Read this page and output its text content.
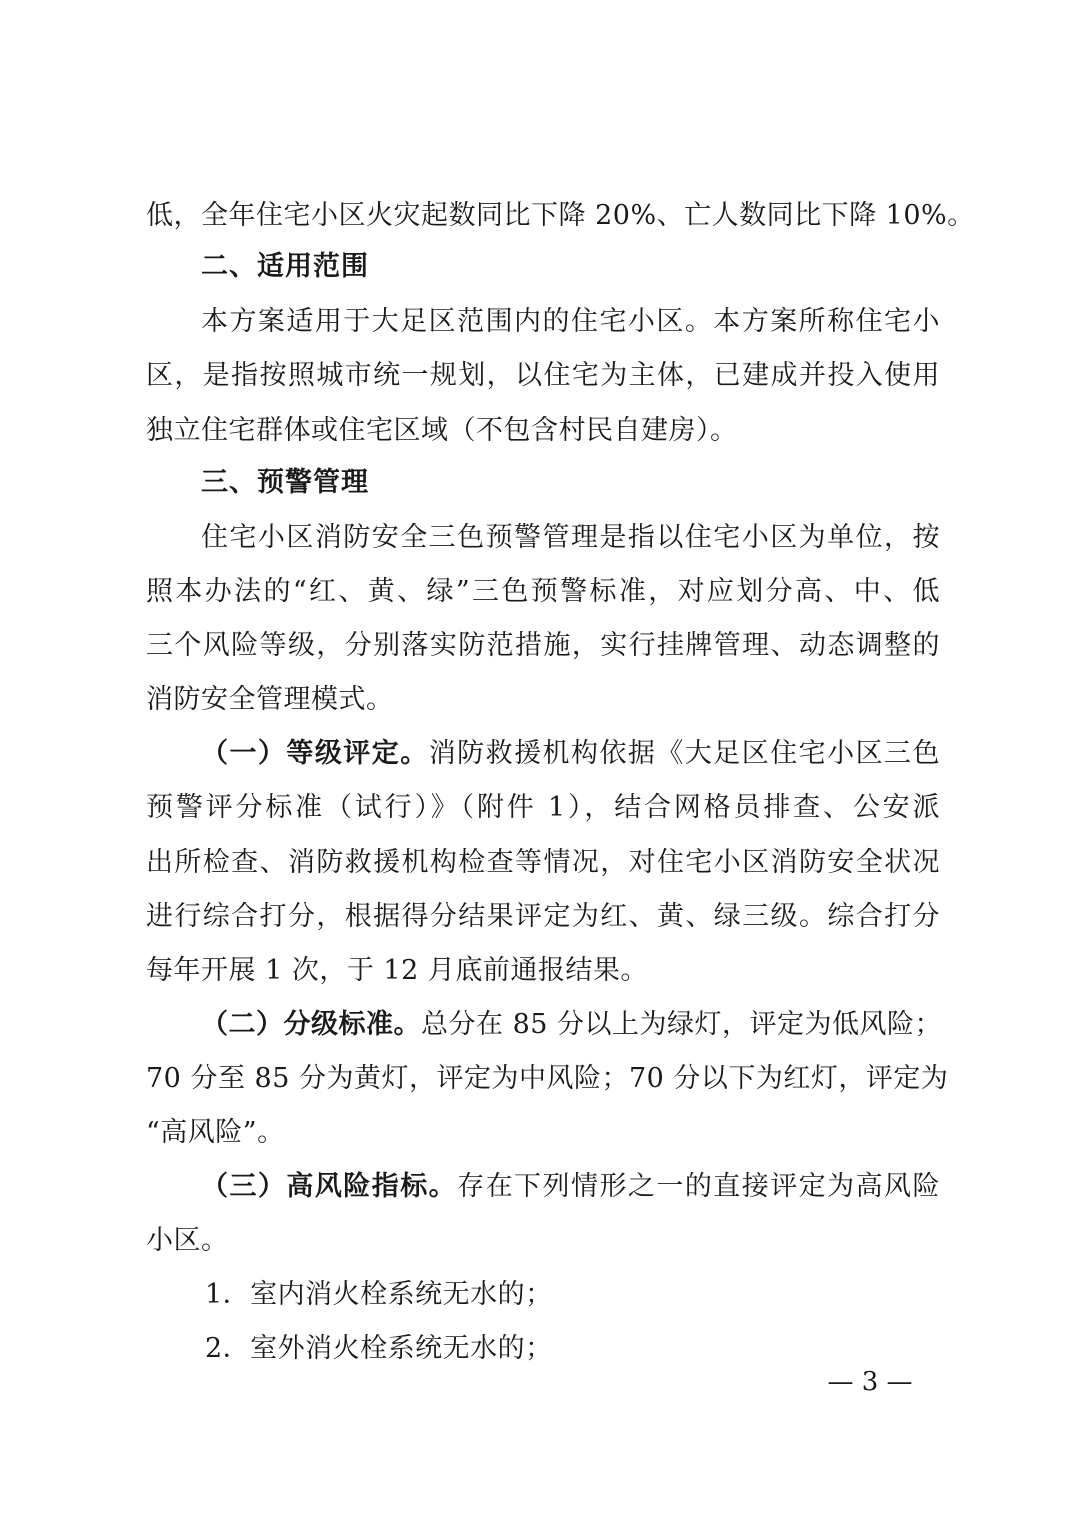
低，全年住宅小区火灾起数同比下降 20%、亡人数同比下降 10%。
二、适用范围
本方案适用于大足区范围内的住宅小区。本方案所称住宅小
区，是指按照城市统一规划，以住宅为主体，已建成并投入使用
独立住宅群体或住宅区域（不包含村民自建房）。
三、预警管理
住宅小区消防安全三色预警管理是指以住宅小区为单位，按
照本办法的“红、黄、绿”三色预警标准，对应划分高、中、低
三个风险等级，分别落实防范措施，实行挂牌管理、动态调整的
消防安全管理模式。
（一）等级评定。消防救援机构依据《大足区住宅小区三色
预警评分标准（试行）》（附件 1），结合网格员排查、公安派
出所检查、消防救援机构检查等情况，对住宅小区消防安全状况
进行综合打分，根据得分结果评定为红、黄、绿三级。综合打分
每年开展 1 次，于 12 月底前通报结果。
（二）分级标准。总分在 85 分以上为绿灯，评定为低风险；
70 分至 85 分为黄灯，评定为中风险；70 分以下为红灯，评定为
“高风险”。
（三）高风险指标。存在下列情形之一的直接评定为高风险
小区。
1．室内消火栓系统无水的；
2．室外消火栓系统无水的；
— 3 —
